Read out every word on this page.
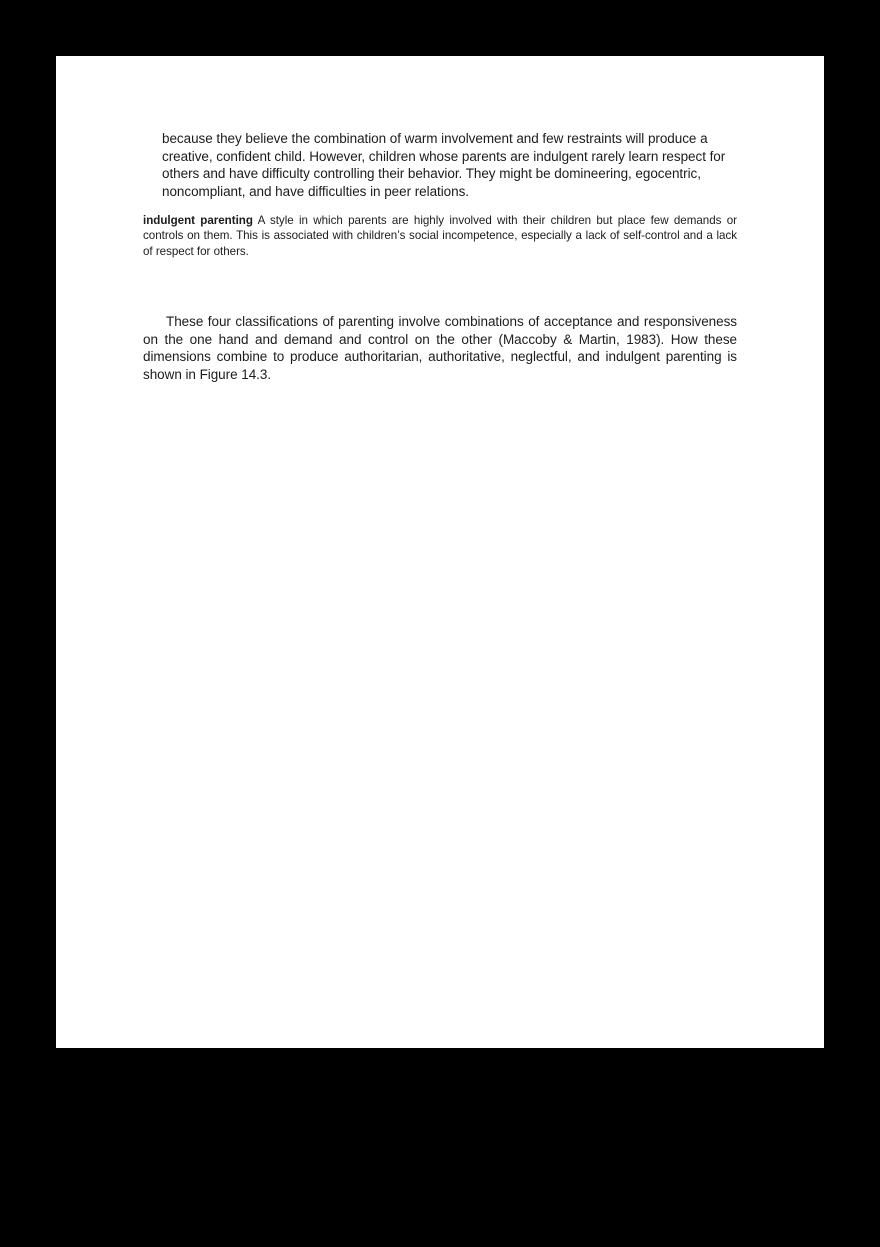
because they believe the combination of warm involvement and few restraints will produce a creative, confident child. However, children whose parents are indulgent rarely learn respect for others and have difficulty controlling their behavior. They might be domineering, egocentric, noncompliant, and have difficulties in peer relations.

indulgent parenting A style in which parents are highly involved with their children but place few demands or controls on them. This is associated with children’s social incompetence, especially a lack of self-control and a lack of respect for others.

These four classifications of parenting involve combinations of acceptance and responsiveness on the one hand and demand and control on the other (Maccoby & Martin, 1983). How these dimensions combine to produce authoritarian, authoritative, neglectful, and indulgent parenting is shown in Figure 14.3.
